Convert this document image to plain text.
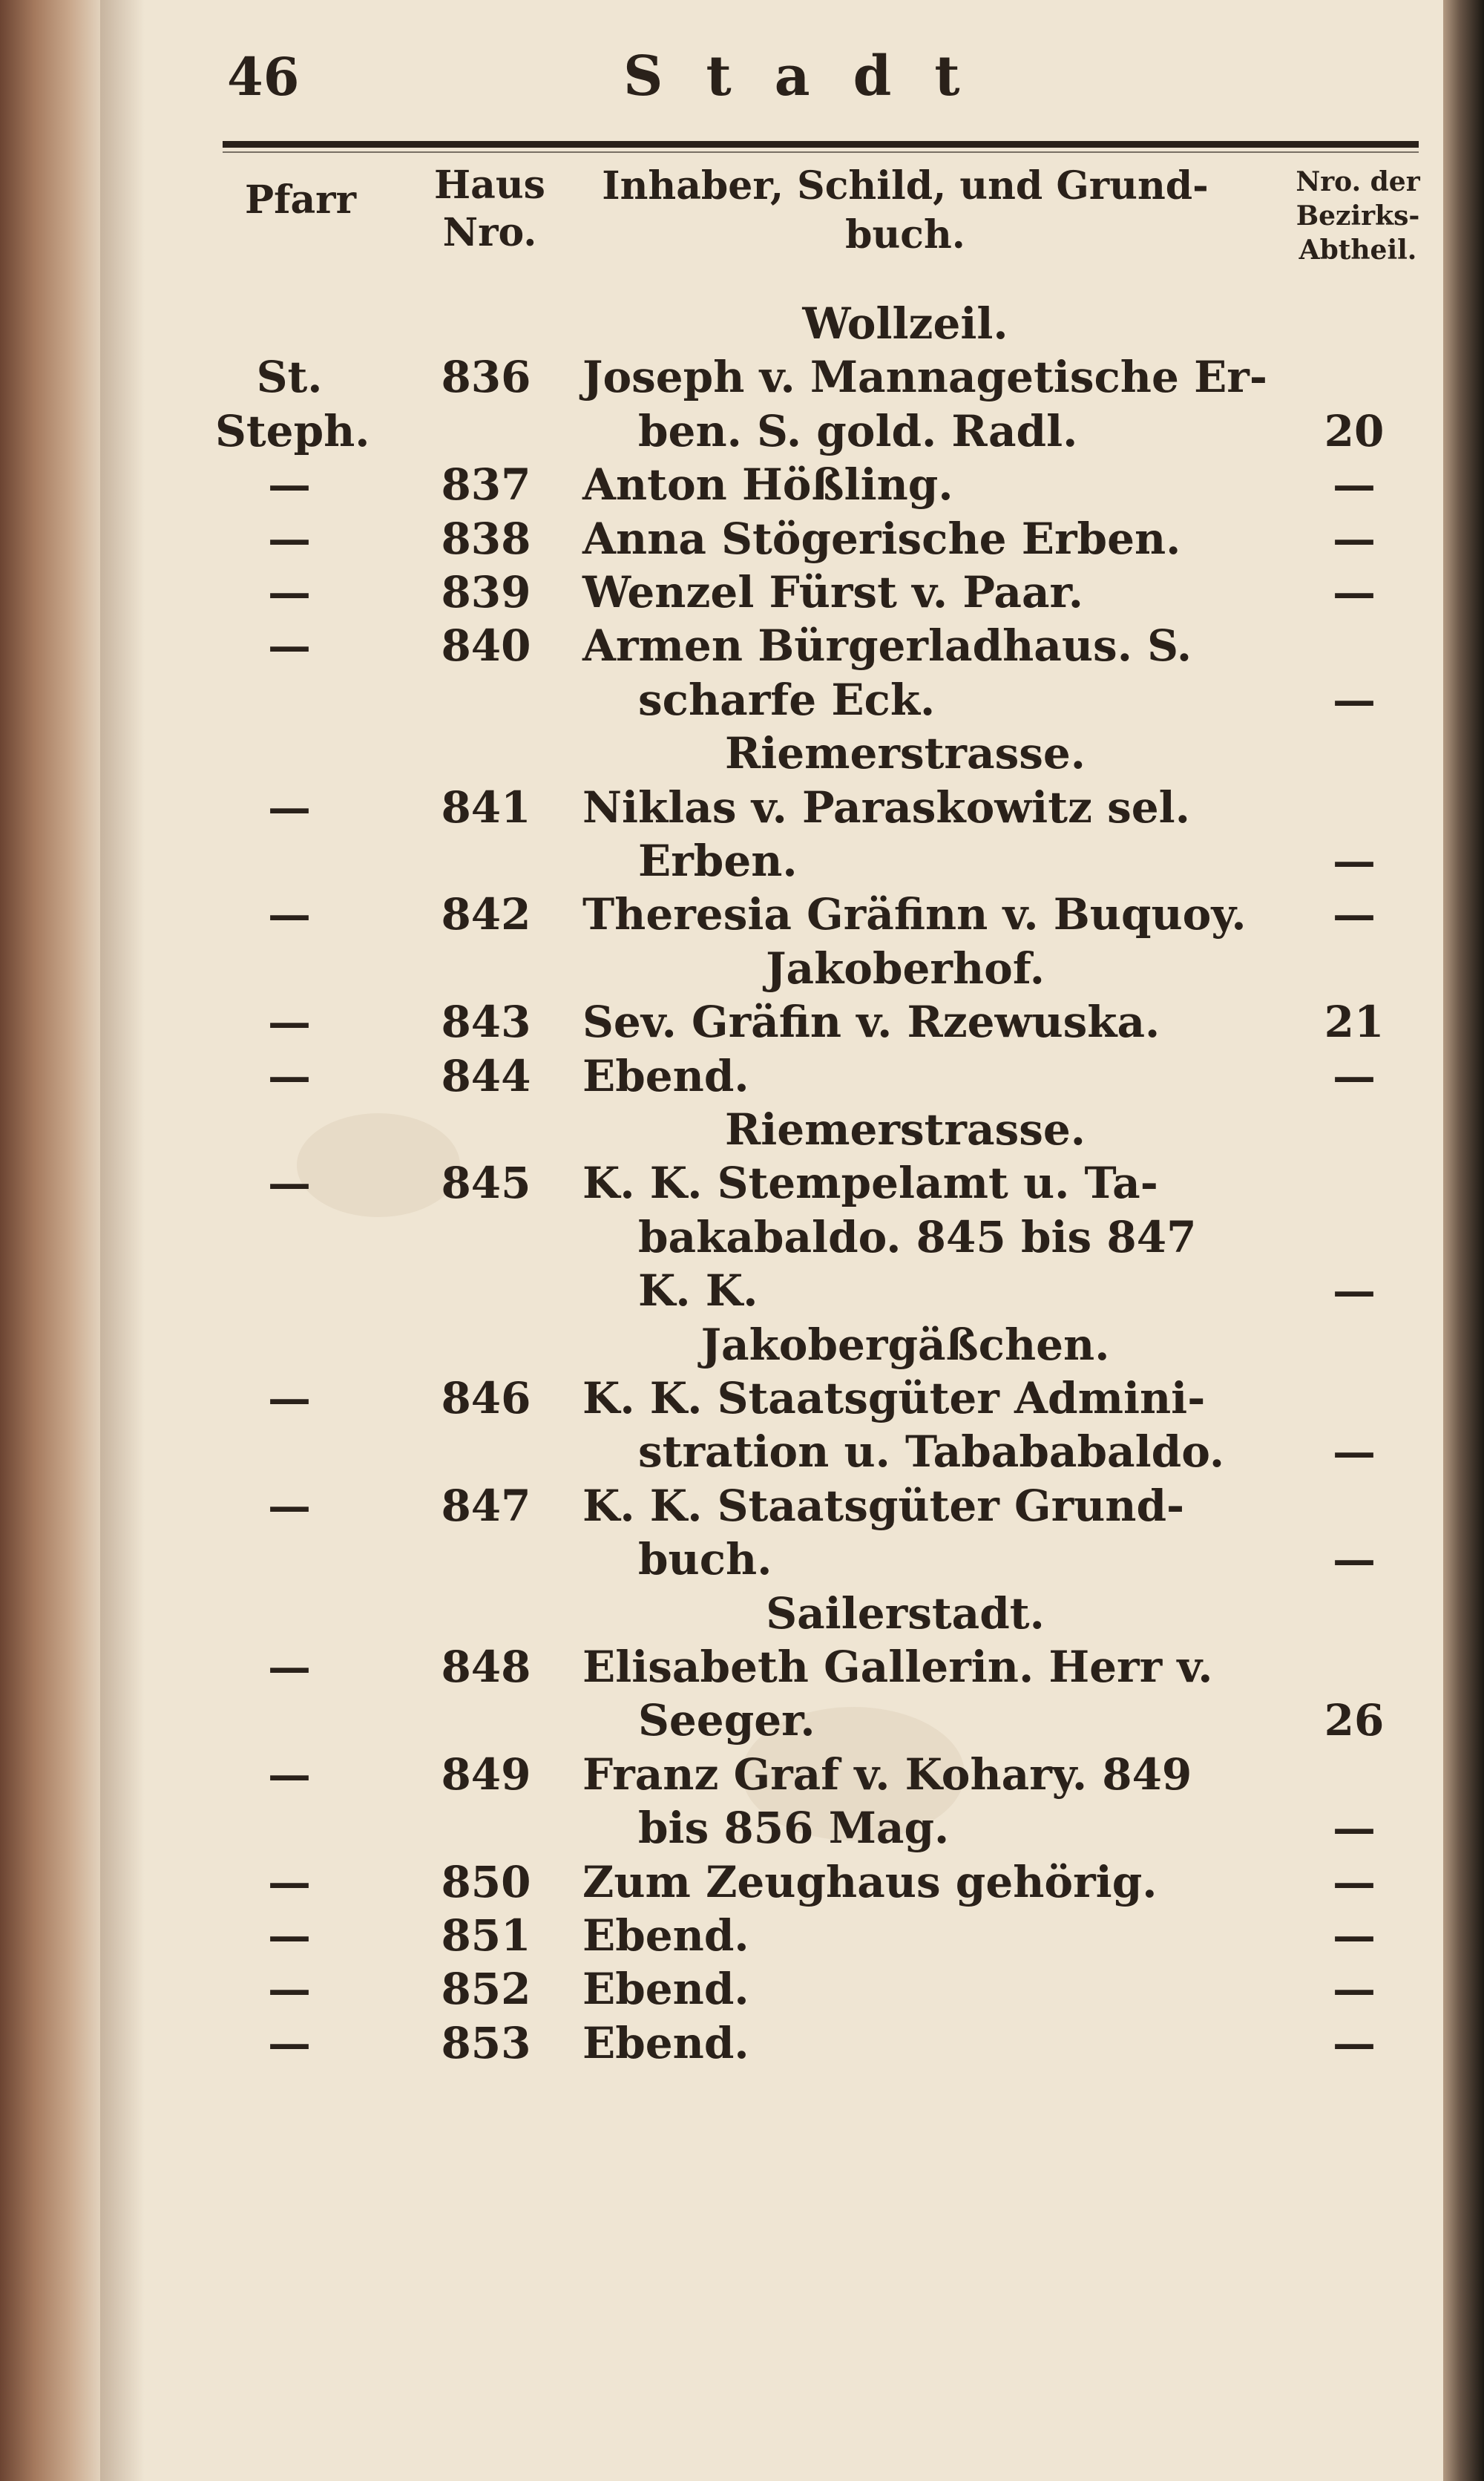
46	Stadt
Pfarr Haus
Nro.
Inhaber, Schild, und Grund-
buch.
Nro. der
Bezirks-
Abtheil.
Wollzeil.
St.	836	Joseph v. Mannagetische Er-
Steph.	ben. S. gold. Radl.	20
—	837	Anton Hößling.	—
—	838	Anna Stögerische Erben.	—
—	839	Wenzel Fürst v. Paar.	—
—	840	Armen Bürgerladhaus. S.
scharfe Eck.	—
Riemerstrasse.
—	841	Niklas v. Paraskowitz sel.
Erben.	—
—	842	Theresia Gräfinn v. Buquoy.	—
Jakoberhof.
—	843	Sev. Gräfin v. Rzewuska.	21
—	844	Ebend.	—
Riemerstrasse.
—	845	K. K. Stempelamt u. Ta-
bakabaldo. 845 bis 847
K. K.	—
Jakobergäßchen.
—	846	K. K. Staatsgüter Admini-
stration u. Tabababaldo.	—
—	847	K. K. Staatsgüter Grund-
buch.	—
Sailerstadt.
—	848	Elisabeth Gallerin. Herr v.
Seeger.	26
—	849	Franz Graf v. Kohary. 849
bis 856 Mag.	—
—	850	Zum Zeughaus gehörig.	—
—	851	Ebend.	—
—	852	Ebend.	—
—	853	Ebend.	—
